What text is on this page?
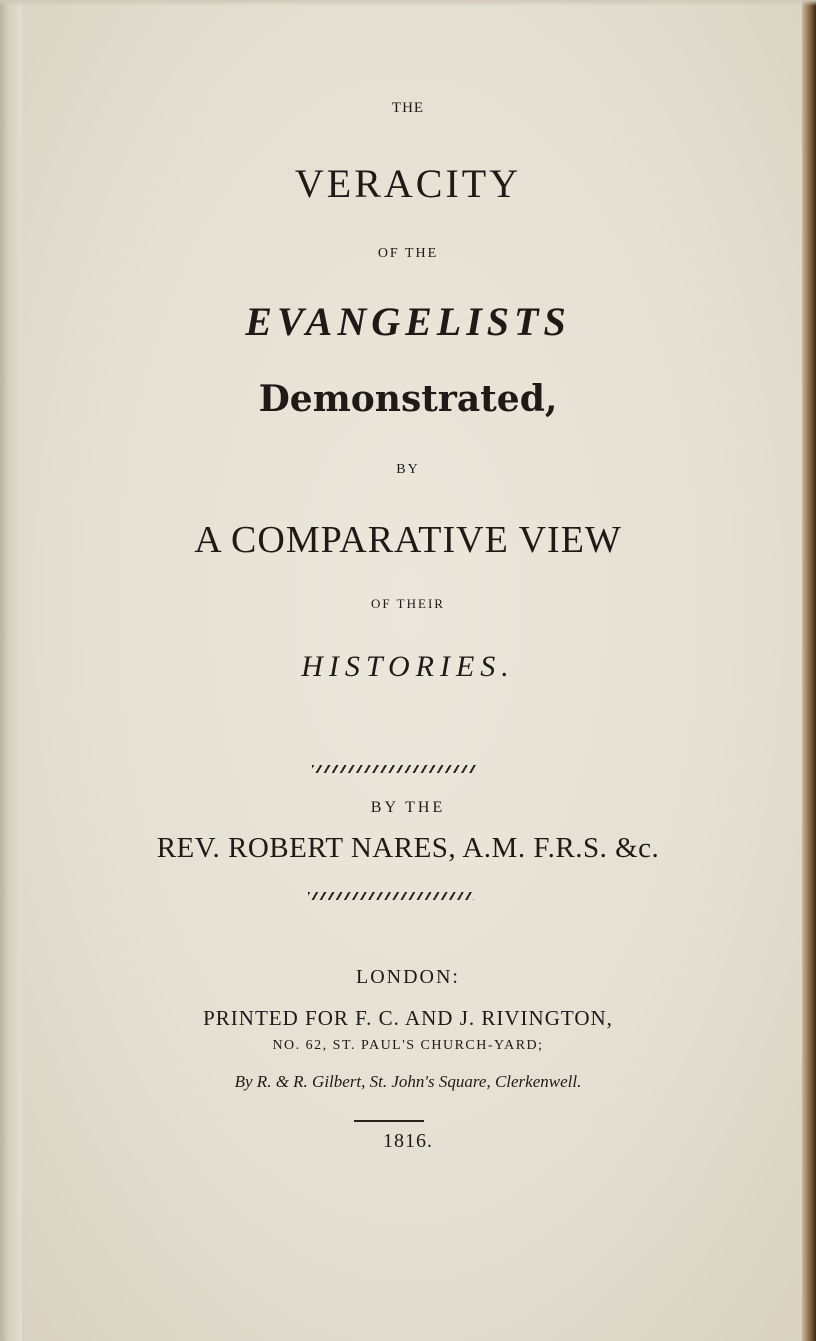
THE
VERACITY
OF THE
EVANGELISTS
Demonstrated,
BY
A COMPARATIVE VIEW
OF THEIR
HISTORIES.
BY THE
REV. ROBERT NARES, A.M. F.R.S. &c.
LONDON:
PRINTED FOR F. C. AND J. RIVINGTON,
NO. 62, ST. PAUL'S CHURCH-YARD;
By R. & R. Gilbert, St. John's Square, Clerkenwell.
1816.
